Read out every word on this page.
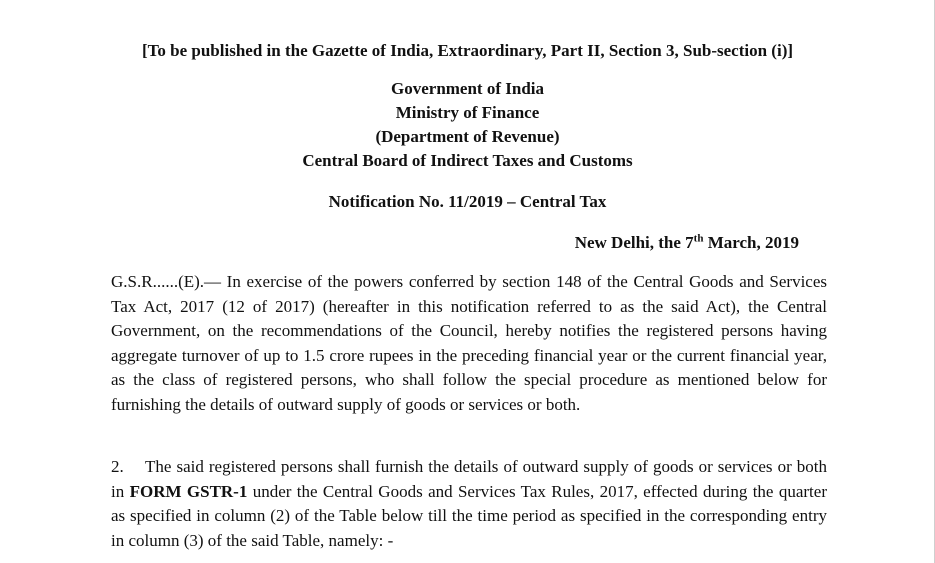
[To be published in the Gazette of India, Extraordinary, Part II, Section 3, Sub-section (i)]
Government of India
Ministry of Finance
(Department of Revenue)
Central Board of Indirect Taxes and Customs
Notification No. 11/2019 – Central Tax
New Delhi, the 7th March, 2019

G.S.R......(E).— In exercise of the powers conferred by section 148 of the Central Goods and Services Tax Act, 2017 (12 of 2017) (hereafter in this notification referred to as the said Act), the Central Government, on the recommendations of the Council, hereby notifies the registered persons having aggregate turnover of up to 1.5 crore rupees in the preceding financial year or the current financial year, as the class of registered persons, who shall follow the special procedure as mentioned below for furnishing the details of outward supply of goods or services or both.

2. The said registered persons shall furnish the details of outward supply of goods or services or both in FORM GSTR-1 under the Central Goods and Services Tax Rules, 2017, effected during the quarter as specified in column (2) of the Table below till the time period as specified in the corresponding entry in column (3) of the said Table, namely: -
